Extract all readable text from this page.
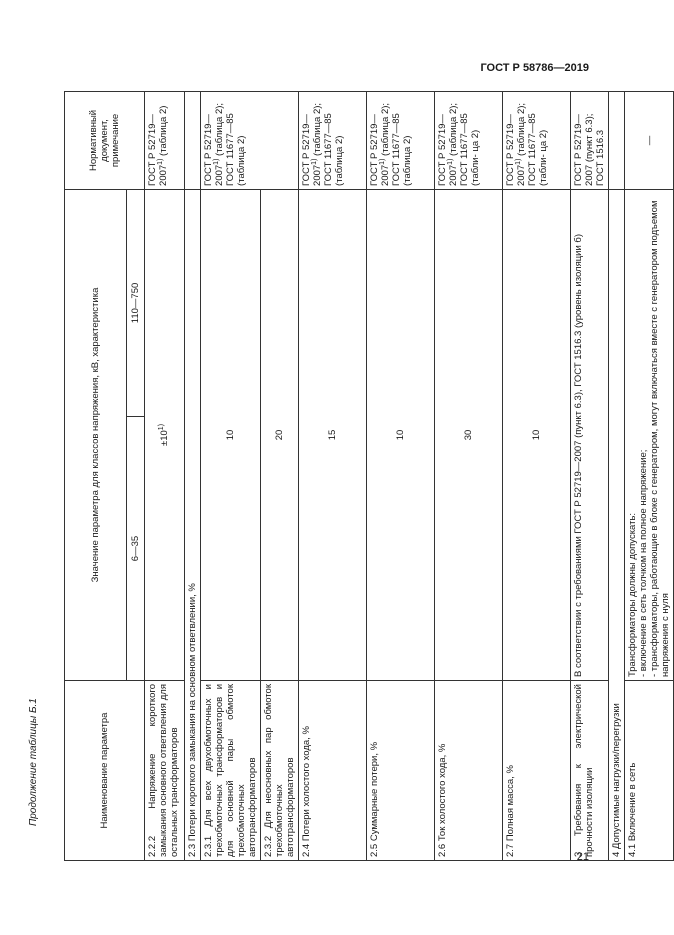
ГОСТ Р 58786—2019
Продолжение таблицы Б.1	Наименование параметра	Значение параметра для классов напряжения, кВ, характеристика		Нормативный документ, примечание
	6—35	110—750	
2.2.2 Напряжение короткого замыкания основного ответвления для остальных трансформаторов	$\pm 10^{1)}$		ГОСТ Р 52719—2007$^{1)}$ (таблица 2)
2.3 Потери короткого замыкания на основном ответвлении, %			
2.3.1 Для всех двухобмоточных и трехобмоточных трансформаторов и для основной пары обмоток трехобмоточных автотрансформаторов	10		ГОСТ Р 52719—2007$^{1)}$ (таблица 2); ГОСТ 11677—85 (таблица 2)
2.3.2 Для неосновных пар обмоток трехобмоточных автотрансформаторов	20		
2.4 Потери холостого хода, %	15		ГОСТ Р 52719—2007$^{1)}$ (таблица 2); ГОСТ 11677—85 (таблица 2)
2.5 Суммарные потери, %	10		ГОСТ Р 52719—2007$^{1)}$ (таблица 2); ГОСТ 11677—85 (таблица 2)
2.6 Ток холостого хода, %	30		ГОСТ Р 52719—2007$^{1)}$ (таблица 2); ГОСТ 11677—85 (табли- ца 2)
2.7 Полная масса, %	10		ГОСТ Р 52719—2007$^{1)}$ (таблица 2); ГОСТ 11677—85 (табли- ца 2)
3 Требования к электрической прочности изоляции	В соответствии с требованиями ГОСТ Р 52719—2007 (пункт 6.3), ГОСТ 1516.3 (уровень изоляции б)		ГОСТ Р 52719—2007 (пункт 6.3); ГОСТ 1516.3
4 Допустимые нагрузки/перегрузки			
4.1 Включение в сеть	Трансформаторы должны допускать: - включение в сеть толчком на полное напряжение; - трансформаторы, работающие в блоке с генератором, могут включаться вместе с генератором подъемом напряжения с нуля		—
21
